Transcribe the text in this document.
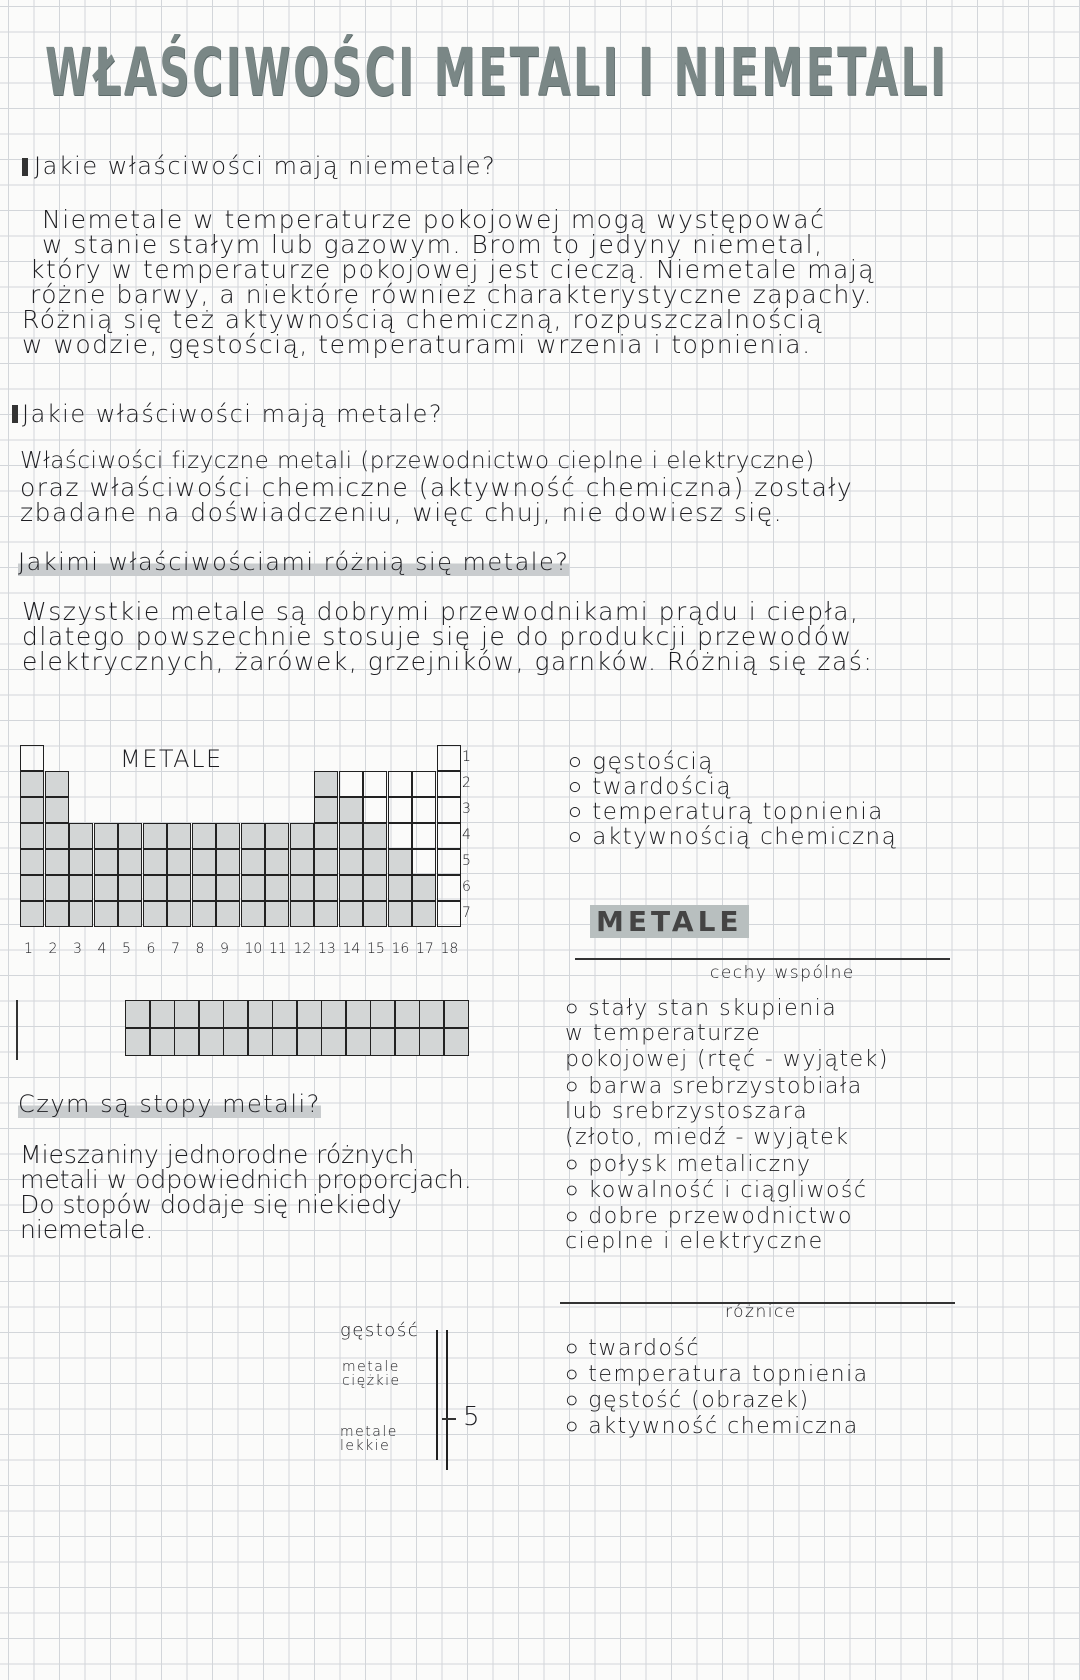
WŁAŚCIWOŚCI METALI I NIEMETALI
Jakie właściwości mają niemetale?
Niemetale w temperaturze pokojowej mogą występować
w stanie stałym lub gazowym. Brom to jedyny niemetal,
który w temperaturze pokojowej jest cieczą. Niemetale mają
różne barwy, a niektóre również charakterystyczne zapachy.
Różnią się też aktywnością chemiczną, rozpuszczalnością
w wodzie, gęstością, temperaturami wrzenia i topnienia.
Jakie właściwości mają metale?
Właściwości fizyczne metali (przewodnictwo cieplne i elektryczne)
oraz właściwości chemiczne (aktywność chemiczna) zostały
zbadane na doświadczeniu, więc chuj, nie dowiesz się.
Jakimi właściwościami różnią się metale?
Wszystkie metale są dobrymi przewodnikami prądu i ciepła,
dlatego powszechnie stosuje się je do produkcji przewodów
elektrycznych, żarówek, grzejników, garnków. Różnią się zaś:
METALE	1
2
3
4
5
6
7
1 2 3 4 5 6 7 8 9 10 11 12 13 14 15 16 17 18
METALE
cechy wspólne
Czym są stopy metali?
Mieszaniny jednorodne różnych
metali w odpowiednich proporcjach.
Do stopów dodaje się niekiedy
niemetale.
różnice
gęstość
metale ciężkie
metale lekkie
5
○ gęstością
○ twardością
○ temperaturą topnienia
○ aktywnością chemiczną
○ stały stan skupienia
w temperaturze
pokojowej (rtęć - wyjątek)
○ barwa srebrzystobiała
lub srebrzystoszara
(złoto, miedź - wyjątek
○ połysk metaliczny
○ kowalność i ciągliwość
○ dobre przewodnictwo
cieplne i elektryczne
○ twardość
○ temperatura topnienia
○ gęstość (obrazek)
○ aktywność chemiczna
